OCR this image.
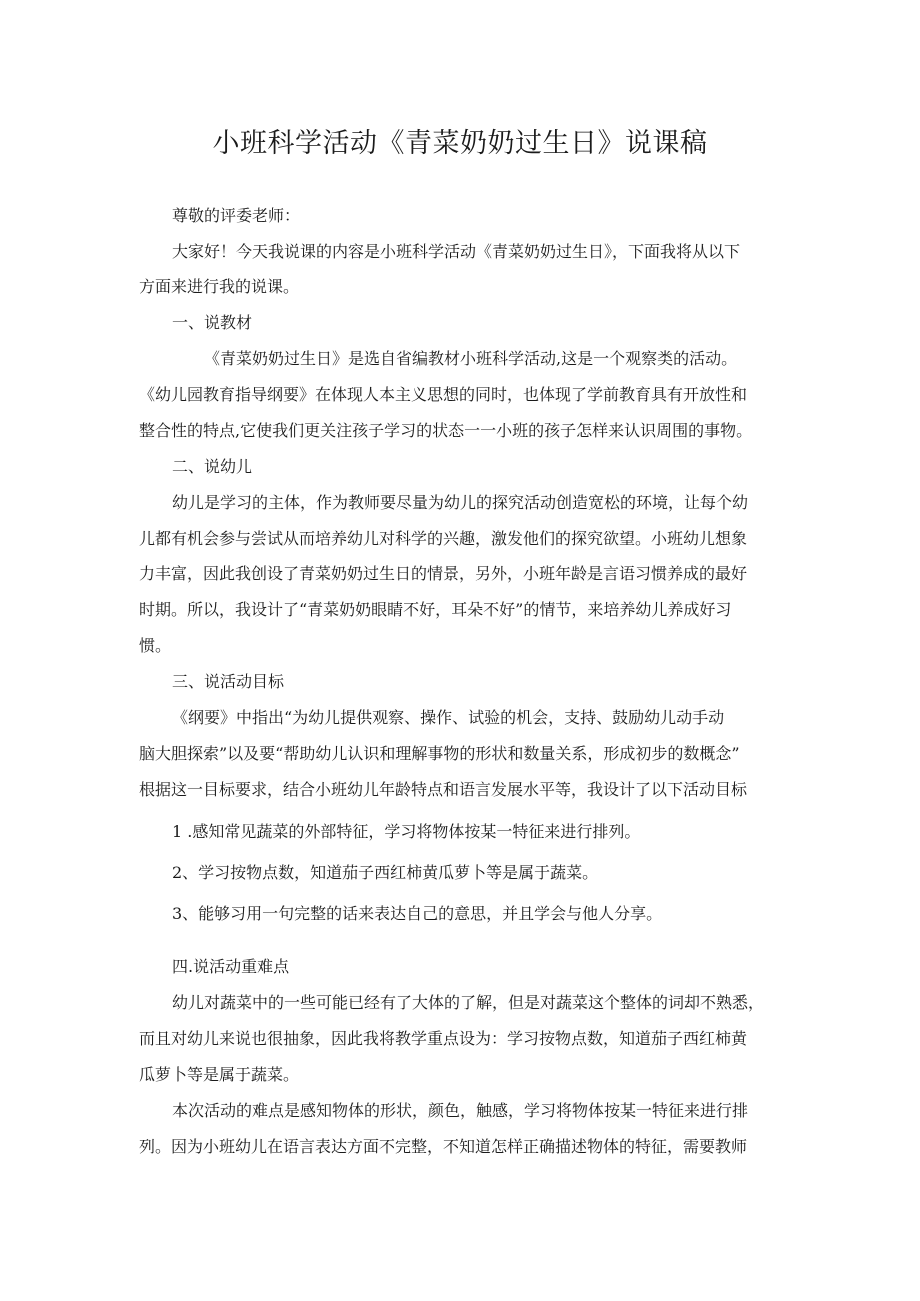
小班科学活动《青菜奶奶过生日》说课稿
尊敬的评委老师：
大家好！今天我说课的内容是小班科学活动《青菜奶奶过生日》，下面我将从以下
方面来进行我的说课。
一、说教材
《青菜奶奶过生日》是选自省编教材小班科学活动,这是一个观察类的活动。
《幼儿园教育指导纲要》在体现人本主义思想的同时，也体现了学前教育具有开放性和
整合性的特点,它使我们更关注孩子学习的状态一一小班的孩子怎样来认识周围的事物。
二、说幼儿
幼儿是学习的主体，作为教师要尽量为幼儿的探究活动创造宽松的环境，让每个幼
儿都有机会参与尝试从而培养幼儿对科学的兴趣，激发他们的探究欲望。小班幼儿想象
力丰富，因此我创设了青菜奶奶过生日的情景，另外，小班年龄是言语习惯养成的最好
时期。所以，我设计了“青菜奶奶眼睛不好，耳朵不好”的情节，来培养幼儿养成好习
惯。
三、说活动目标
《纲要》中指出“为幼儿提供观察、操作、试验的机会，支持、鼓励幼儿动手动
脑大胆探索”以及要“帮助幼儿认识和理解事物的形状和数量关系，形成初步的数概念”
根据这一目标要求，结合小班幼儿年龄特点和语言发展水平等，我设计了以下活动目标
1 .感知常见蔬菜的外部特征，学习将物体按某一特征来进行排列。
2、学习按物点数，知道茄子西红柿黄瓜萝卜等是属于蔬菜。
3、能够习用一句完整的话来表达自己的意思，并且学会与他人分享。
四.说活动重难点
幼儿对蔬菜中的一些可能已经有了大体的了解，但是对蔬菜这个整体的词却不熟悉，
而且对幼儿来说也很抽象，因此我将教学重点设为：学习按物点数，知道茄子西红柿黄
瓜萝卜等是属于蔬菜。
本次活动的难点是感知物体的形状，颜色，触感，学习将物体按某一特征来进行排
列。因为小班幼儿在语言表达方面不完整，不知道怎样正确描述物体的特征，需要教师
